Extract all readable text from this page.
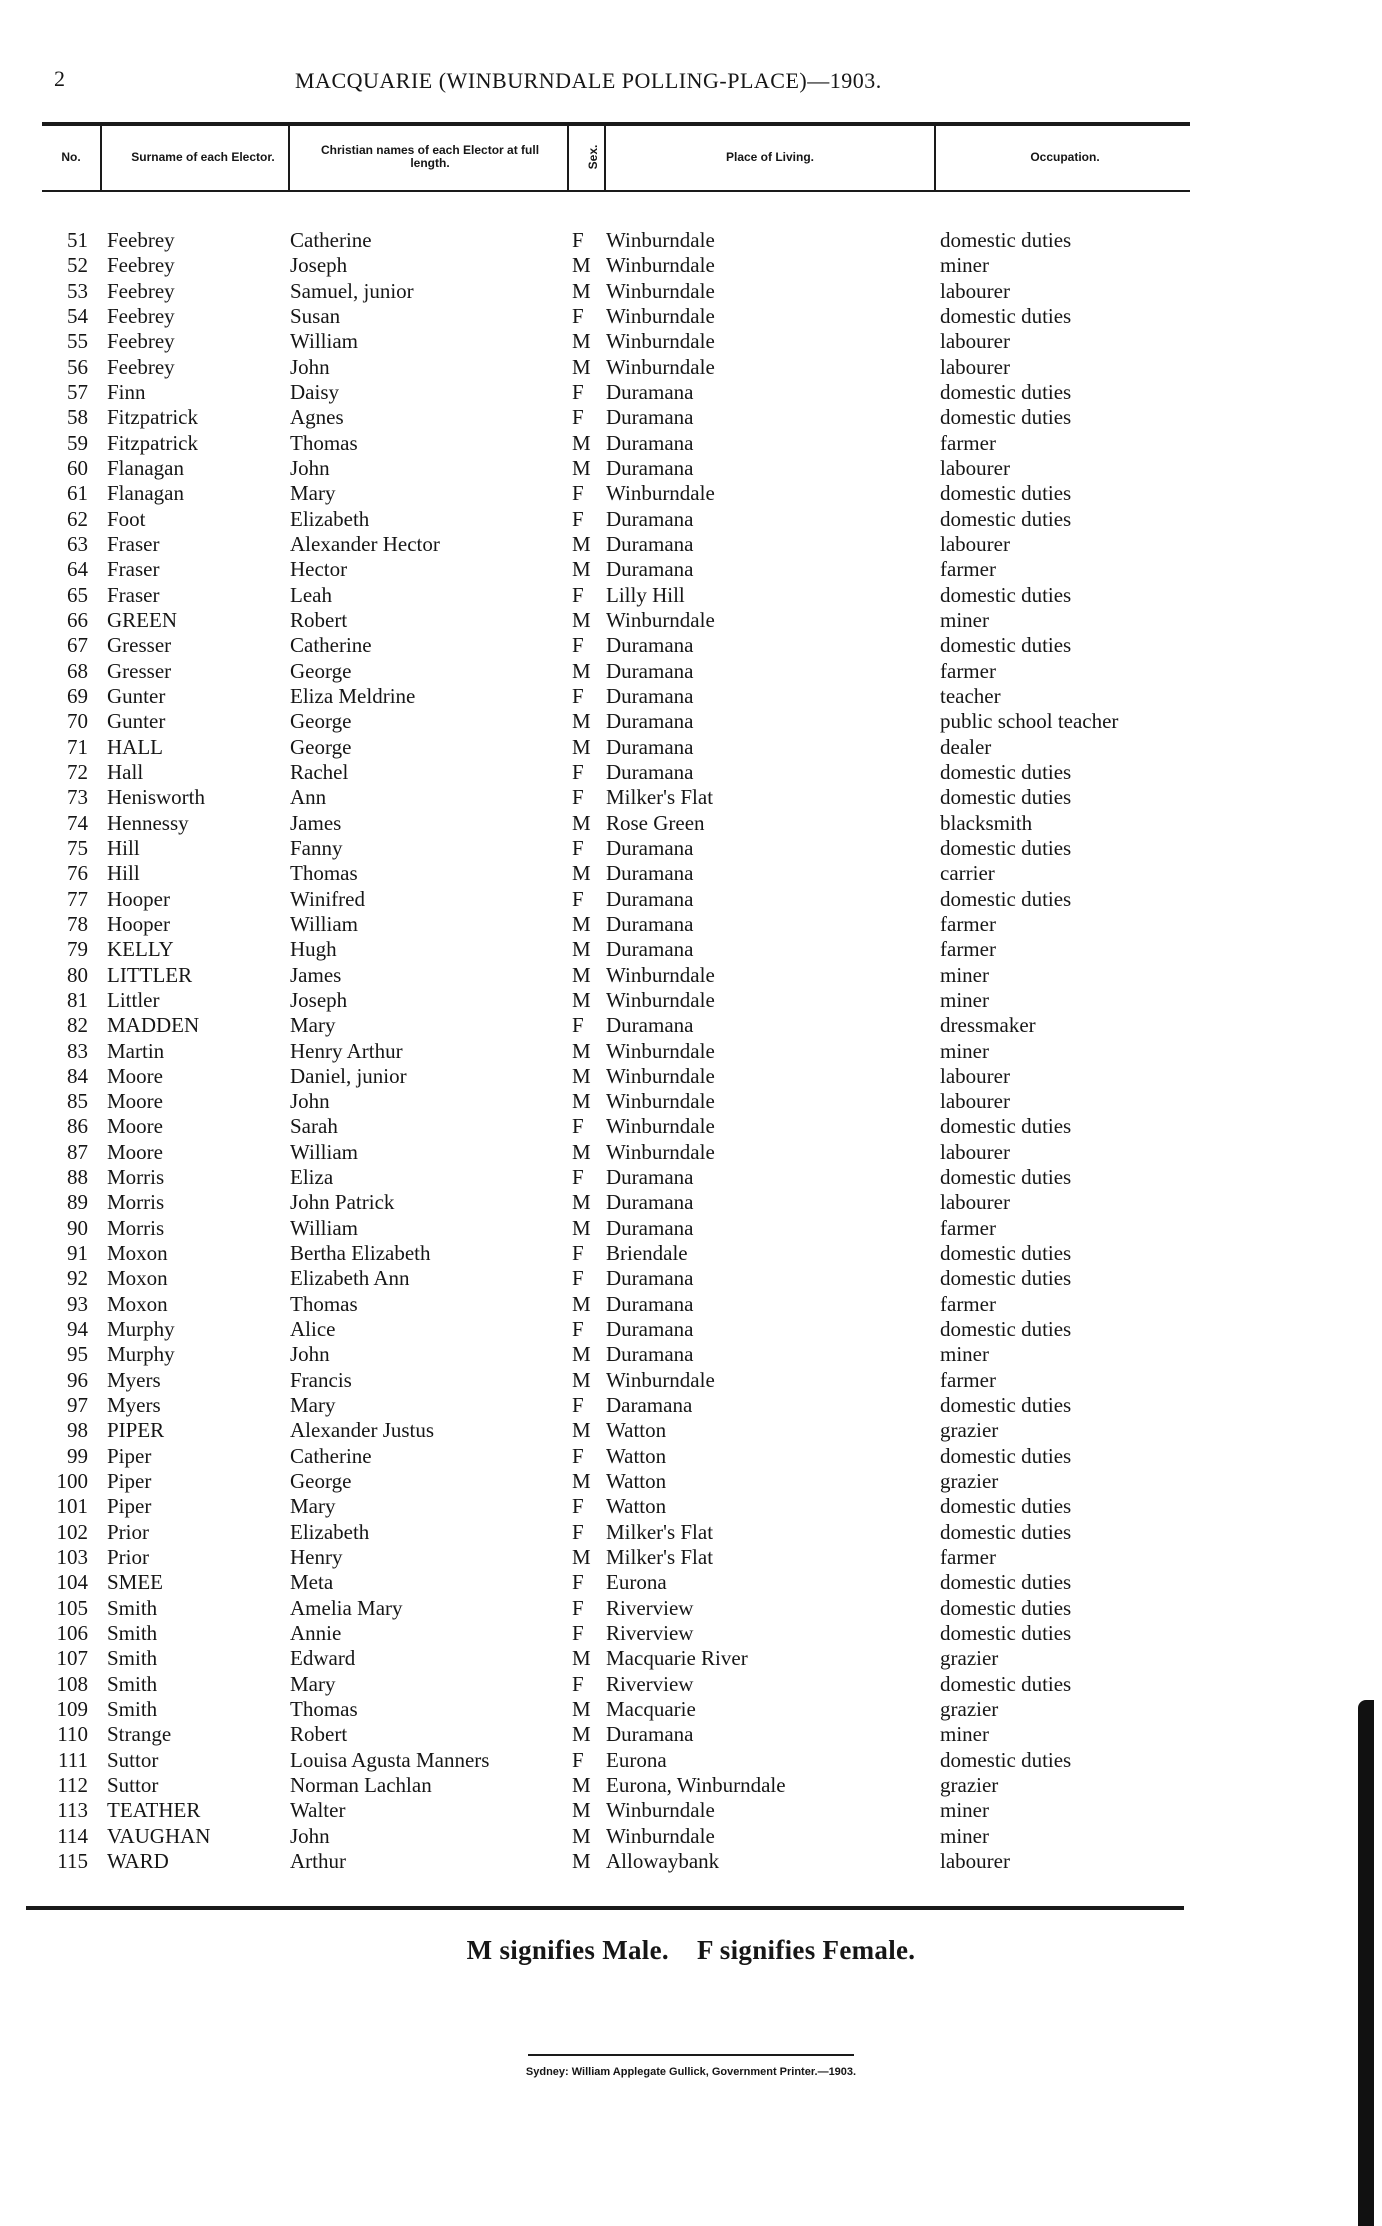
2	MACQUARIE (WINBURNDALE POLLING-PLACE)—1903.
No.	Surname of each Elector.	Christian names of each Elector at full length.	Sex.	Place of Living.	Occupation.
51 Feebrey	Catherine	F Winburndale	domestic duties
52 Feebrey	Joseph	M Winburndale	miner
53 Feebrey	Samuel, junior	M Winburndale	labourer
54 Feebrey	Susan	F Winburndale	domestic duties
55 Feebrey	William	M Winburndale	labourer
56 Feebrey	John	M Winburndale	labourer
57 Finn	Daisy	F Duramana	domestic duties
58 Fitzpatrick	Agnes	F Duramana	domestic duties
59 Fitzpatrick	Thomas	M Duramana	farmer
60 Flanagan	John	M Duramana	labourer
61 Flanagan	Mary	F Winburndale	domestic duties
62 Foot	Elizabeth	F Duramana	domestic duties
63 Fraser	Alexander Hector	M Duramana	labourer
64 Fraser	Hector	M Duramana	farmer
65 Fraser	Leah	F Lilly Hill	domestic duties
66 GREEN	Robert	M Winburndale	miner
67 Gresser	Catherine	F Duramana	domestic duties
68 Gresser	George	M Duramana	farmer
69 Gunter	Eliza Meldrine	F Duramana	teacher
70 Gunter	George	M Duramana	public school teacher
71 HALL	George	M Duramana	dealer
72 Hall	Rachel	F Duramana	domestic duties
73 Henisworth	Ann	F Milker's Flat	domestic duties
74 Hennessy	James	M Rose Green	blacksmith
75 Hill	Fanny	F Duramana	domestic duties
76 Hill	Thomas	M Duramana	carrier
77 Hooper	Winifred	F Duramana	domestic duties
78 Hooper	William	M Duramana	farmer
79 KELLY	Hugh	M Duramana	farmer
80 LITTLER	James	M Winburndale	miner
81 Littler	Joseph	M Winburndale	miner
82 MADDEN	Mary	F Duramana	dressmaker
83 Martin	Henry Arthur	M Winburndale	miner
84 Moore	Daniel, junior	M Winburndale	labourer
85 Moore	John	M Winburndale	labourer
86 Moore	Sarah	F Winburndale	domestic duties
87 Moore	William	M Winburndale	labourer
88 Morris	Eliza	F Duramana	domestic duties
89 Morris	John Patrick	M Duramana	labourer
90 Morris	William	M Duramana	farmer
91 Moxon	Bertha Elizabeth	F Briendale	domestic duties
92 Moxon	Elizabeth Ann	F Duramana	domestic duties
93 Moxon	Thomas	M Duramana	farmer
94 Murphy	Alice	F Duramana	domestic duties
95 Murphy	John	M Duramana	miner
96 Myers	Francis	M Winburndale	farmer
97 Myers	Mary	F Daramana	domestic duties
98 PIPER	Alexander Justus	M Watton	grazier
99 Piper	Catherine	F Watton	domestic duties
100 Piper	George	M Watton	grazier
101 Piper	Mary	F Watton	domestic duties
102 Prior	Elizabeth	F Milker's Flat	domestic duties
103 Prior	Henry	M Milker's Flat	farmer
104 SMEE	Meta	F Eurona	domestic duties
105 Smith	Amelia Mary	F Riverview	domestic duties
106 Smith	Annie	F Riverview	domestic duties
107 Smith	Edward	M Macquarie River	grazier
108 Smith	Mary	F Riverview	domestic duties
109 Smith	Thomas	M Macquarie	grazier
110 Strange	Robert	M Duramana	miner
111 Suttor	Louisa Agusta Manners	F Eurona	domestic duties
112 Suttor	Norman Lachlan	M Eurona, Winburndale	grazier
113 TEATHER	Walter	M Winburndale	miner
114 VAUGHAN	John	M Winburndale	miner
115 WARD	Arthur	M Allowaybank	labourer
M signifies Male. F signifies Female.
Sydney: William Applegate Gullick, Government Printer.—1903.
